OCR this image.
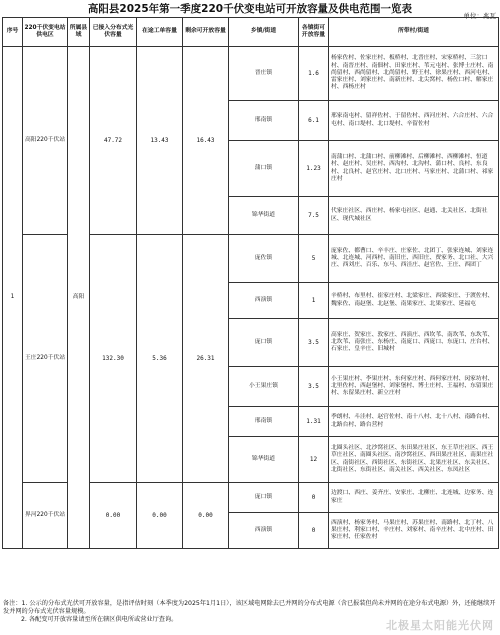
高阳县2025年第一季度220千伏变电站可开放容量及供电范围一览表
单位：兆瓦
序号	220千伏变电站供电区	所属县域	已接入分布式光伏容量	在途工单容量	剩余可开放容量	乡镇/街道	各镇街可开放容量	所带村/街道
1	高阳220千伏站	高阳	47.72	13.43	16.43	晋庄镇	1.6	杨家佐村、佐家庄村、板桥村、北晋庄村、宋家桥村、三岔口村、南晋庄村、南佃村、田家庄村、苇元屯村、张博士庄村、南尚留村、西尚留村、北尚留村、野王村、徐果庄村、西河屯村、雷家庄村、刘家庄村、南新庄村、北尖窝村、杨佐口村、解家庄村、西杨庄村
						邢南镇	6.1	邢家南屯村、留祥佐村、于留佐村、西河庄村、六合庄村、六合屯村、南口堤村、北口堤村、辛留佐村
						蒲口镇	1.23	南蒲口村、北蒲口村、前柳滩村、后柳滩村、西柳滩村、恒道村、赵庄村、吴庄村、西沟村、北沟村、蒲口村、良村、东良村、北良村、赵官庄村、北口庄村、马家庄村、北蒲口村、祁家庄村
						锦华街道	7.5	代家庄社区、西庄村、杨家屯社区、赵通、北关社区、北街社区、现代城社区
	王庄220千伏站		132.30	5.36	26.31	庞佐镇	5	庞家佐、都曹口、辛丰庄、庄家佐、北团丁、张家连城、刘家连城、北连城、河西村、南旧庄、西旧庄、贾家务、北口社、大兴庄、西刘庄、百乐、东马、西洼庄、赵官佐、王庄、西团丁
						西演镇	1	辛桥村、布里村、崔家庄村、北梁家庄、西梁家庄、于渡佐村、魏家佐、南赵堡、北赵堡、南果家庄、北果家庄、延福屯
						庞口镇	3.5	高家庄、贺家庄、敦家庄、西演庄、西坎苇、南坎苇、东坎苇、北坎苇、南张庄、东杨庄、南庞口、西庞口、东庞口、庄台村、石家庄、皇辛庄、旧城村
						小王果庄镇	3.5	小王果庄村、李果庄村、东何家庄村、西何家庄村、闵家坊村、北里佐村、西赵堡村、刘家堡村、博士庄村、王福村、东留果庄村、东留果庄村、新立庄村
						邢南镇	1.31	季朗村、斗洼村、赵官佐村、南十八村、北十八村、南路台村、北路台村、路台营村
						锦华街道	12	北圈头社区、北沙窝社区、东田果庄社区、东王草庄社区、西王草庄社区、南圈头社区、南沙窝社区、西田果庄社区、南果庄社区、南街社区、西街社区、东街社区、北果庄社区、东关社区、北街社区、东街社区、南关社区、西关社区、东凤社区
	界河220千伏站		0.00	0.00	0.00	庞口镇	0	边渡口、西庄、姜齐庄、安家庄、北柳庄、北连城、边家务、连家庄
						西演镇	0	西演村、杨家务村、马果庄村、苏果庄村、南路村、北丁村、八果庄村、利家口村、辛庄村、刘家村、南辛庄村、北中庄村、田家庄村、任家佐村
备注：1. 公示的分布式光伏可开放容量，是指评估时刻（本季度为2025年1月1日），该区域电网除去已并网的分布式电源（含已报装但尚未并网的在途分布式电源）外，还能继续开发并网的分布式光伏容量规模。
2. 各配变可开放容量请至所在辖区供电所或营业厅查询。	北极星太阳能光伏网
